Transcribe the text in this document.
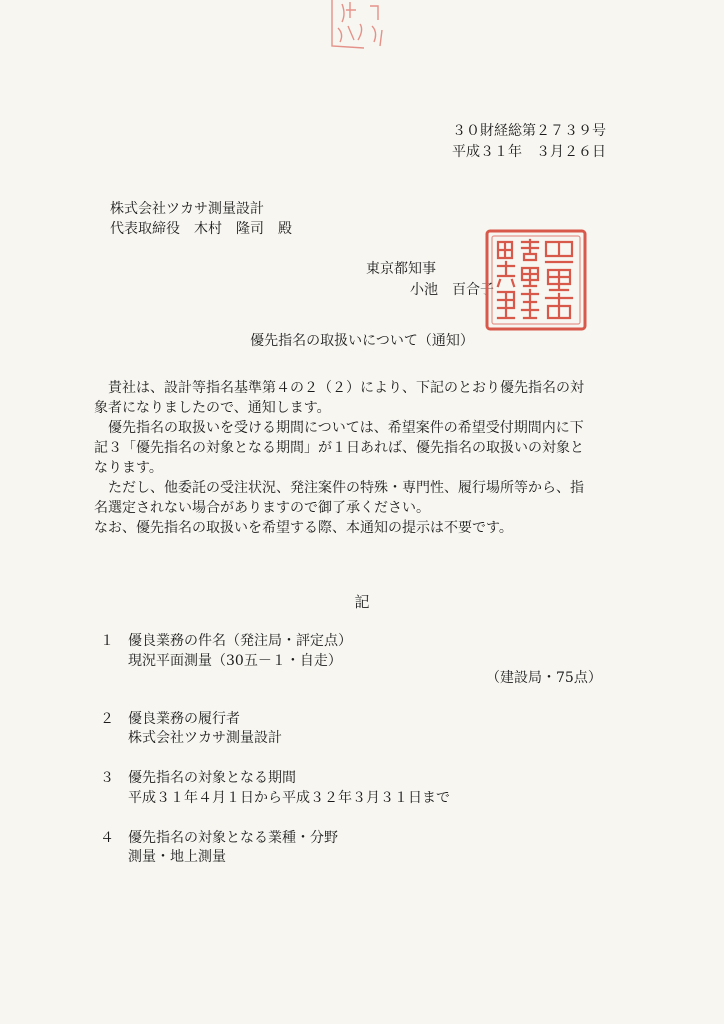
３０財経総第２７３９号
平成３１年　３月２６日
株式会社ツカサ測量設計
代表取締役　木村　隆司　殿
東京都知事
小池　百合子
優先指名の取扱いについて（通知）

　貴社は、設計等指名基準第４の２（２）により、下記のとおり優先指名の対

象者になりましたので、通知します。

　優先指名の取扱いを受ける期間については、希望案件の希望受付期間内に下

記３「優先指名の対象となる期間」が１日あれば、優先指名の取扱いの対象と

なります。

　ただし、他委託の受注状況、発注案件の特殊・専門性、履行場所等から、指

名選定されない場合がありますので御了承ください。

なお、優先指名の取扱いを希望する際、本通知の提示は不要です。

記
１ 優良業務の件名（発注局・評定点）
現況平面測量（30五－１・自走）
（建設局・75点）
２ 優良業務の履行者
株式会社ツカサ測量設計
３ 優先指名の対象となる期間
平成３１年４月１日から平成３２年３月３１日まで
４ 優先指名の対象となる業種・分野
測量・地上測量
